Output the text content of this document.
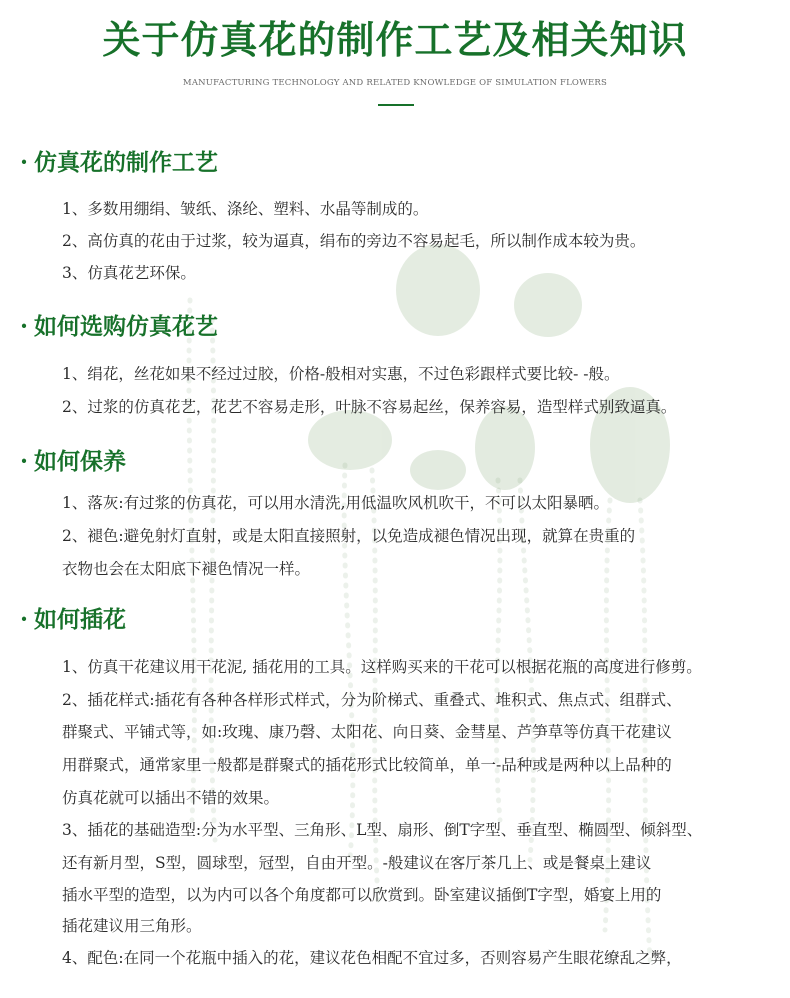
关于仿真花的制作工艺及相关知识
MANUFACTURING TECHNOLOGY AND RELATED KNOWLEDGE OF SIMULATION FLOWERS
· 仿真花的制作工艺
1、多数用绷绢、皱纸、涤纶、塑料、水晶等制成的。
2、高仿真的花由于过浆，较为逼真，绢布的旁边不容易起毛，所以制作成本较为贵。
3、仿真花艺环保。
· 如何选购仿真花艺
1、绢花，丝花如果不经过过胶，价格-般相对实惠，不过色彩跟样式要比较- -般。
2、过浆的仿真花艺，花艺不容易走形，叶脉不容易起丝，保养容易，造型样式别致逼真。
· 如何保养
1、落灰:有过浆的仿真花，可以用水清洗,用低温吹风机吹干，不可以太阳暴晒。
2、褪色:避免射灯直射，或是太阳直接照射，以免造成褪色情况出现，就算在贵重的
衣物也会在太阳底下褪色情况一样。
· 如何插花
1、仿真干花建议用干花泥, 插花用的工具。这样购买来的干花可以根据花瓶的高度进行修剪。
2、插花样式:插花有各种各样形式样式，分为阶梯式、重叠式、堆积式、焦点式、组群式、
群聚式、平铺式等，如:玫瑰、康乃磬、太阳花、向日葵、金彗星、芦笋草等仿真干花建议
用群聚式，通常家里一般都是群聚式的插花形式比较简单，单一-品种或是两种以上品种的
仿真花就可以插出不错的效果。
3、插花的基础造型:分为水平型、三角形、L型、扇形、倒T字型、垂直型、椭圆型、倾斜型、
还有新月型，S型，圆球型，冠型，自由开型。-般建议在客厅茶几上、或是餐桌上建议
插水平型的造型，以为内可以各个角度都可以欣赏到。卧室建议插倒T字型，婚宴上用的
插花建议用三角形。
4、配色:在同一个花瓶中插入的花，建议花色相配不宜过多，否则容易产生眼花缭乱之弊，
